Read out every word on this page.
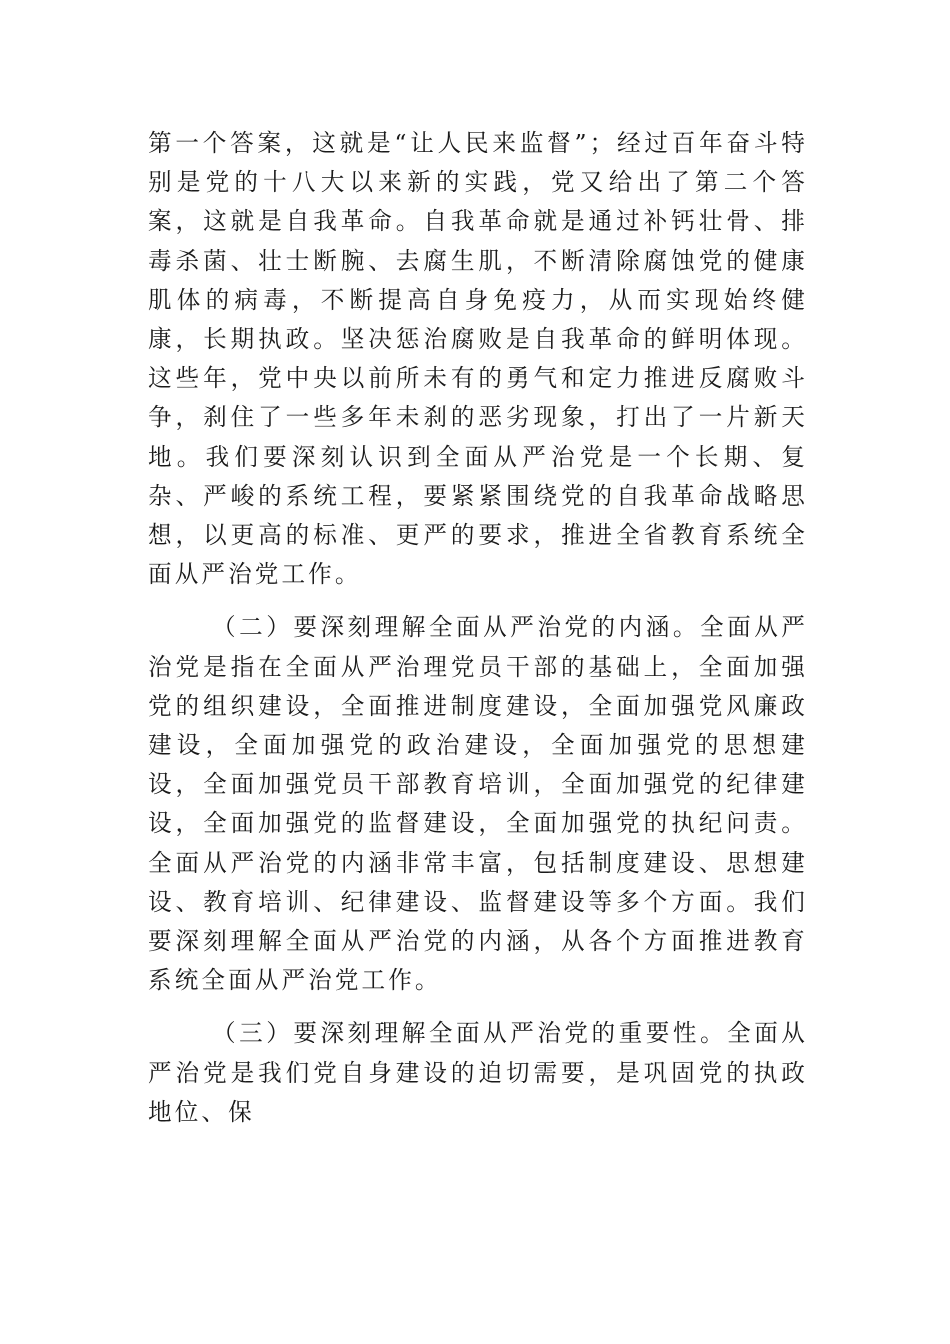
第一个答案，这就是“让人民来监督”；经过百年奋斗特别是党的十八大以来新的实践，党又给出了第二个答案，这就是自我革命。自我革命就是通过补钙壮骨、排毒杀菌、壮士断腕、去腐生肌，不断清除腐蚀党的健康肌体的病毒，不断提高自身免疫力，从而实现始终健康，长期执政。坚决惩治腐败是自我革命的鲜明体现。这些年，党中央以前所未有的勇气和定力推进反腐败斗争，刹住了一些多年未刹的恶劣现象，打出了一片新天地。我们要深刻认识到全面从严治党是一个长期、复杂、严峻的系统工程，要紧紧围绕党的自我革命战略思想，以更高的标准、更严的要求，推进全省教育系统全面从严治党工作。

（二）要深刻理解全面从严治党的内涵。全面从严治党是指在全面从严治理党员干部的基础上，全面加强党的组织建设，全面推进制度建设，全面加强党风廉政建设，全面加强党的政治建设，全面加强党的思想建设，全面加强党员干部教育培训，全面加强党的纪律建设，全面加强党的监督建设，全面加强党的执纪问责。全面从严治党的内涵非常丰富，包括制度建设、思想建设、教育培训、纪律建设、监督建设等多个方面。我们要深刻理解全面从严治党的内涵，从各个方面推进教育系统全面从严治党工作。

（三）要深刻理解全面从严治党的重要性。全面从严治党是我们党自身建设的迫切需要，是巩固党的执政地位、保
